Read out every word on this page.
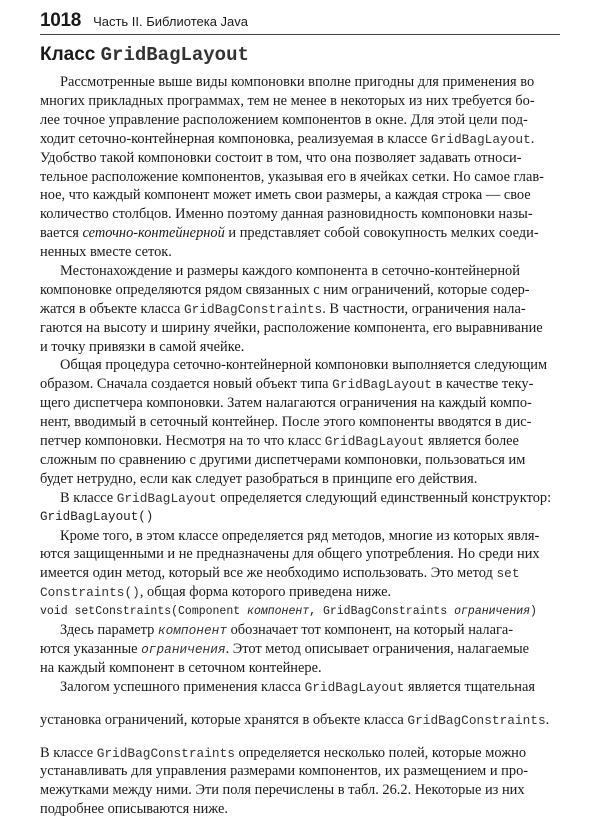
1018 Часть II. Библиотека Java
Класс GridBagLayout
Рассмотренные выше виды компоновки вполне пригодны для применения во
многих прикладных программах, тем не менее в некоторых из них требуется бо-
лее точное управление расположением компонентов в окне. Для этой цели под-
ходит сеточно-контейнерная компоновка, реализуемая в классе GridBagLayout.
Удобство такой компоновки состоит в том, что она позволяет задавать относи-
тельное расположение компонентов, указывая его в ячейках сетки. Но самое глав-
ное, что каждый компонент может иметь свои размеры, а каждая строка — свое
количество столбцов. Именно поэтому данная разновидность компоновки назы-
вается сеточно-контейнерной и представляет собой совокупность мелких соеди-
ненных вместе сеток.
Местонахождение и размеры каждого компонента в сеточно-контейнерной
компоновке определяются рядом связанных с ним ограничений, которые содер-
жатся в объекте класса GridBagConstraints. В частности, ограничения нала-
гаются на высоту и ширину ячейки, расположение компонента, его выравнивание
и точку привязки в самой ячейке.
Общая процедура сеточно-контейнерной компоновки выполняется следующим
образом. Сначала создается новый объект типа GridBagLayout в качестве теку-
щего диспетчера компоновки. Затем налагаются ограничения на каждый компо-
нент, вводимый в сеточный контейнер. После этого компоненты вводятся в дис-
петчер компоновки. Несмотря на то что класс GridBagLayout является более
сложным по сравнению с другими диспетчерами компоновки, пользоваться им
будет нетрудно, если как следует разобраться в принципе его действия.
В классе GridBagLayout определяется следующий единственный конструктор:
GridBagLayout()
Кроме того, в этом классе определяется ряд методов, многие из которых явля-
ются защищенными и не предназначены для общего употребления. Но среди них
имеется один метод, который все же необходимо использовать. Это метод set
Constraints(), общая форма которого приведена ниже.
void setConstraints(Component компонент, GridBagConstraints ограничения)
Здесь параметр компонент обозначает тот компонент, на который налага-
ются указанные ограничения. Этот метод описывает ограничения, налагаемые
на каждый компонент в сеточном контейнере.
Залогом успешного применения класса GridBagLayout является тщательная
установка ограничений, которые хранятся в объекте класса GridBagConstraints.
В классе GridBagConstraints определяется несколько полей, которые можно
устанавливать для управления размерами компонентов, их размещением и про-
межутками между ними. Эти поля перечислены в табл. 26.2. Некоторые из них
подробнее описываются ниже.
